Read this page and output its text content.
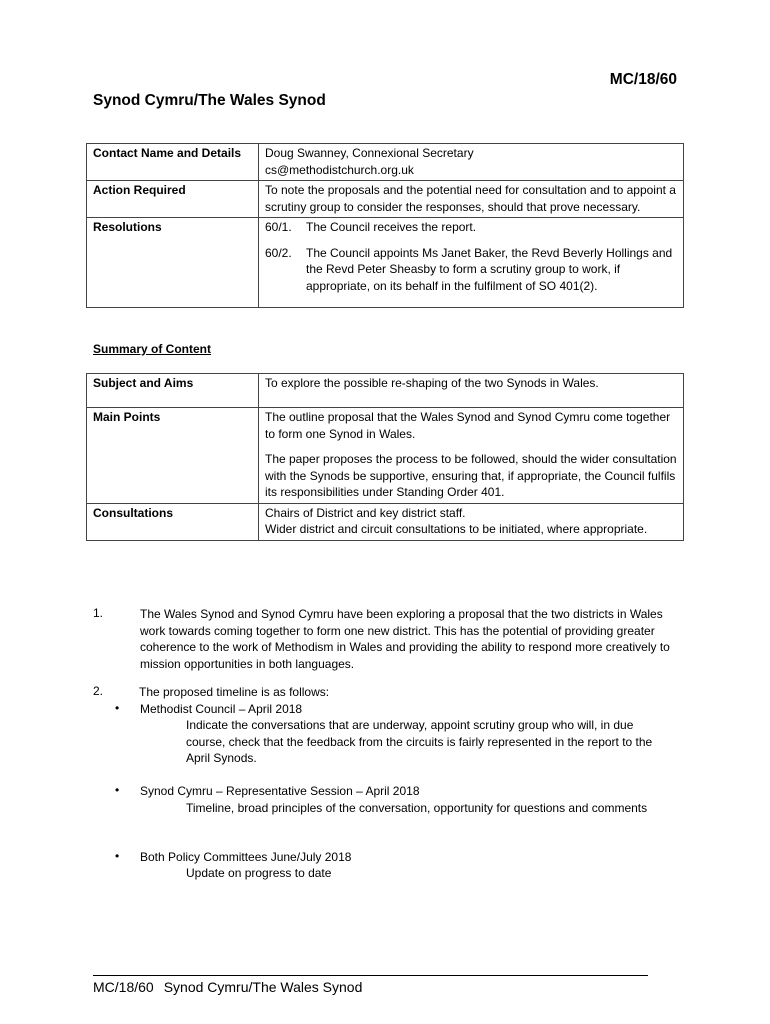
MC/18/60
Synod Cymru/The Wales Synod
Contact Name and Details	Doug Swanney, Connexional Secretary
cs@methodistchurch.org.uk

Action Required	To note the proposals and the potential need for consultation and to appoint a scrutiny group to consider the responses, should that prove necessary.
Resolutions	60/1. The Council receives the report.
60/2. The Council appoints Ms Janet Baker, the Revd Beverly Hollings and the Revd Peter Sheasby to form a scrutiny group to work, if appropriate, on its behalf in the fulfilment of SO 401(2).
Summary of Content
Subject and Aims	To explore the possible re-shaping of the two Synods in Wales.
Main Points	The outline proposal that the Wales Synod and Synod Cymru come together to form one Synod in Wales.
The paper proposes the process to be followed, should the wider consultation with the Synods be supportive, ensuring that, if appropriate, the Council fulfils its responsibilities under Standing Order 401.

Consultations	Chairs of District and key district staff.
Wider district and circuit consultations to be initiated, where appropriate.
1.	The Wales Synod and Synod Cymru have been exploring a proposal that the two districts in Wales work towards coming together to form one new district. This has the potential of providing greater coherence to the work of Methodism in Wales and providing the ability to respond more creatively to mission opportunities in both languages.
2.	The proposed timeline is as follows:
• Methodist Council – April 2018
Indicate the conversations that are underway, appoint scrutiny group who will, in due course, check that the feedback from the circuits is fairly represented in the report to the April Synods.
• Synod Cymru – Representative Session – April 2018
Timeline, broad principles of the conversation, opportunity for questions and comments
• Both Policy Committees June/July 2018
Update on progress to date
MC/18/60 Synod Cymru/The Wales Synod
